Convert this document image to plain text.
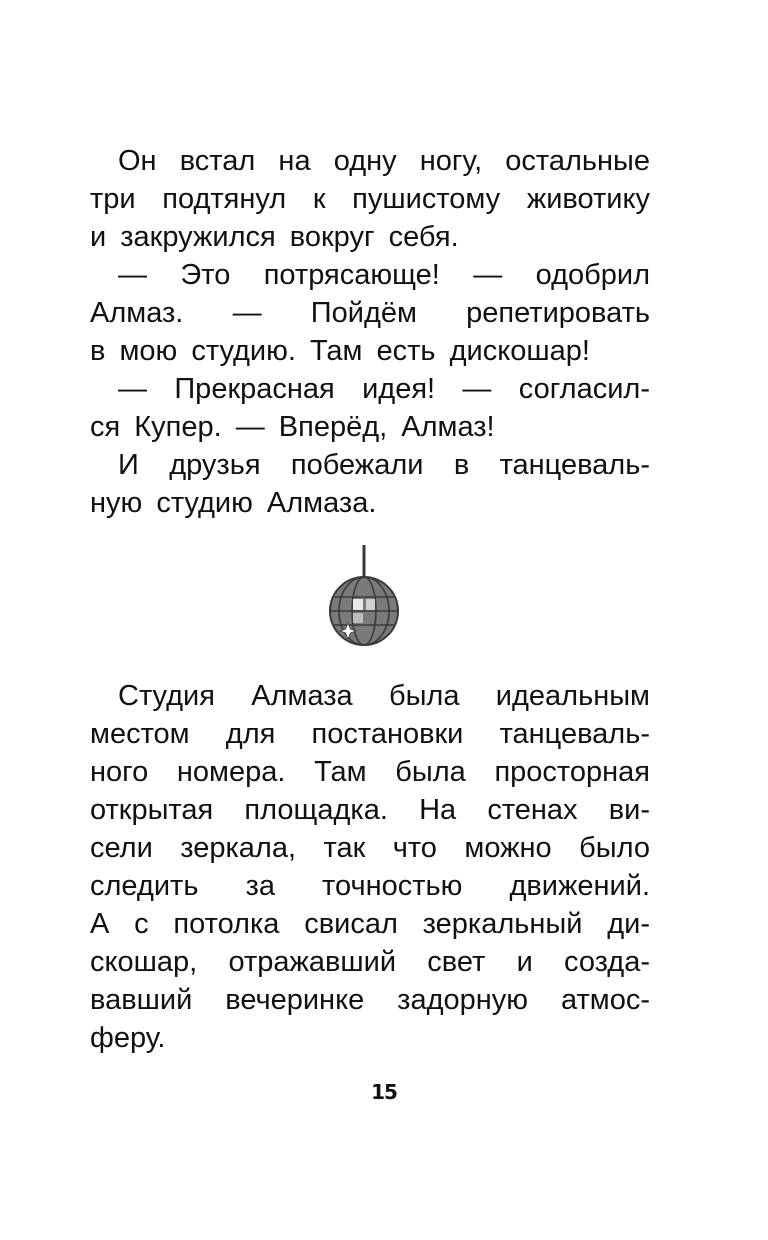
Он встал на одну ногу, остальные
три подтянул к пушистому животику
и закружился вокруг себя.

— Это потрясающе! — одобрил
Алмаз. — Пойдём репетировать
в мою студию. Там есть дискошар!

— Прекрасная идея! — согласил-
ся Купер. — Вперёд, Алмаз!

И друзья побежали в танцеваль-
ную студию Алмаза.

Студия Алмаза была идеальным
местом для постановки танцеваль-
ного номера. Там была просторная
открытая площадка. На стенах ви-
сели зеркала, так что можно было
следить за точностью движений.
А с потолка свисал зеркальный ди-
скошар, отражавший свет и созда-
вавший вечеринке задорную атмос-
феру.

15
